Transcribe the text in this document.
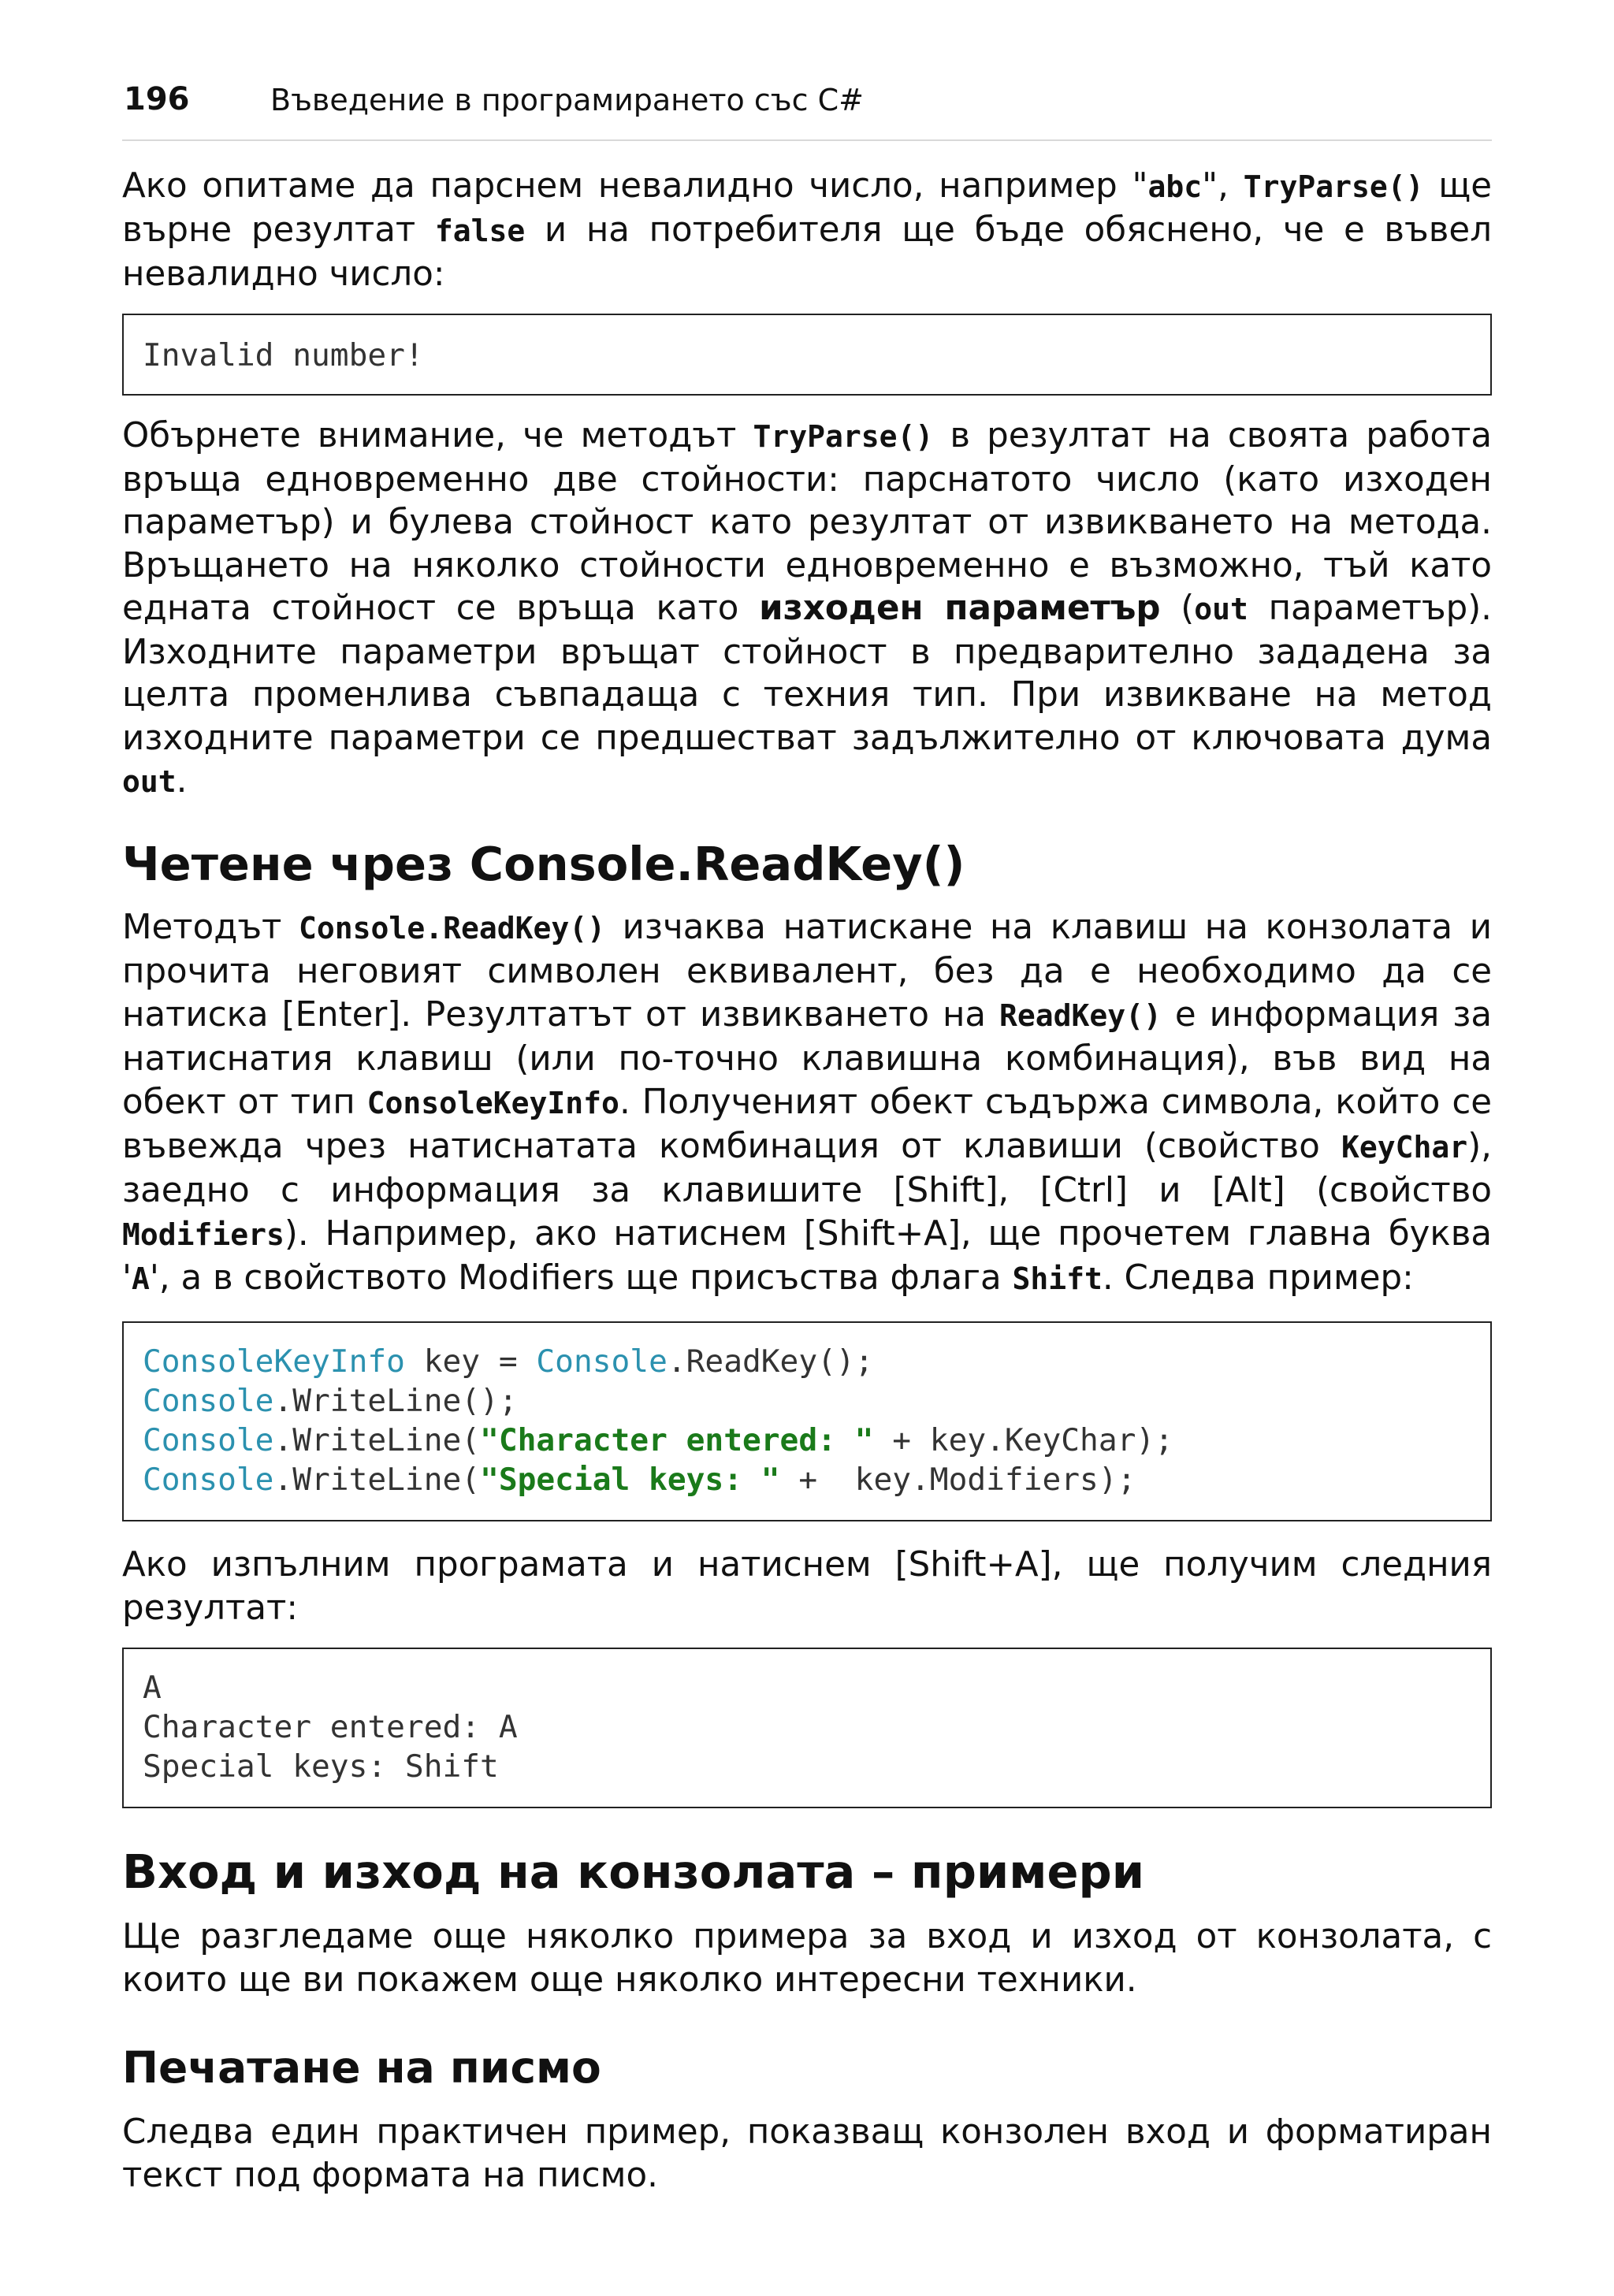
196	Въведение в програмирането със C#

Ако опитаме да парснем невалидно число, например "abc", TryParse() ще върне резултат false и на потребителя ще бъде обяснено, че е въвел невалидно число:

Invalid number!

Обърнете внимание, че методът TryParse() в резултат на своята работа връща едновременно две стойности: парснатото число (като изходен параметър) и булева стойност като резултат от извикването на метода. Връщането на няколко стойности едновременно е възможно, тъй като едната стойност се връща като изходен параметър (out параметър). Изходните параметри връщат стойност в предварително зададена за целта променлива съвпадаща с техния тип. При извикване на метод изходните параметри се предшестват задължително от ключовата дума out.

Четене чрез Console.ReadKey()

Методът Console.ReadKey() изчаква натискане на клавиш на конзолата и прочита неговият символен еквивалент, без да е необходимо да се натиска [Enter]. Резултатът от извикването на ReadKey() е информация за натиснатия клавиш (или по-точно клавишна комбинация), във вид на обект от тип ConsoleKeyInfo. Полученият обект съдържа символа, който се въвежда чрез натиснатата комбинация от клавиши (свойство KeyChar), заедно с информация за клавишите [Shift], [Ctrl] и [Alt] (свойство Modifiers). Например, ако натиснем [Shift+A], ще прочетем главна буква 'A', а в свойството Modifiers ще присъства флага Shift. Следва пример:

ConsoleKeyInfo key = Console.ReadKey();
Console.WriteLine();
Console.WriteLine("Character entered: " + key.KeyChar);
Console.WriteLine("Special keys: " +  key.Modifiers);

Ако изпълним програмата и натиснем [Shift+A], ще получим следния резултат:

A
Character entered: A
Special keys: Shift
Вход и изход на конзолата – примери

Ще разгледаме още няколко примера за вход и изход от конзолата, с които ще ви покажем още няколко интересни техники.

Печатане на писмо

Следва един практичен пример, показващ конзолен вход и форматиран текст под формата на писмо.
